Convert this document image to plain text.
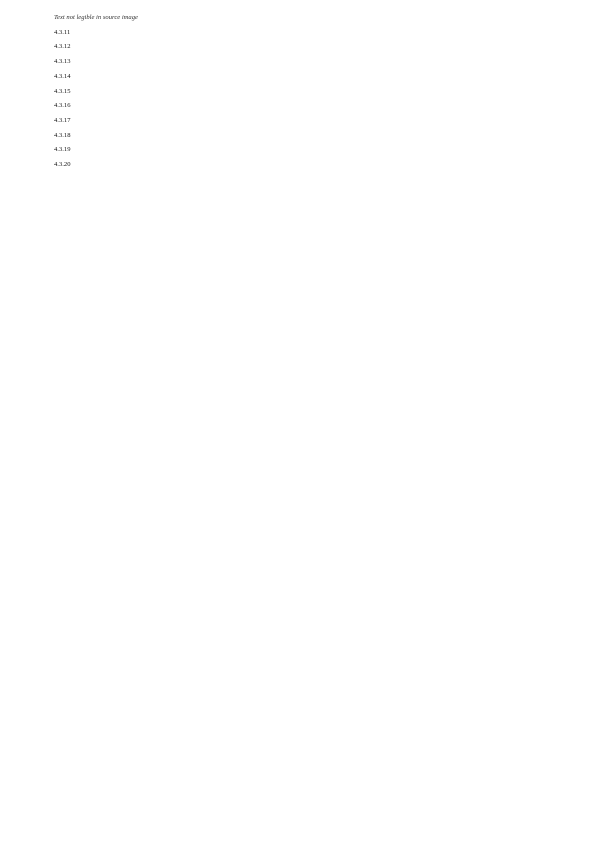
Text not legible in source image

4.3.11

4.3.12

4.3.13

4.3.14

4.3.15

4.3.16

4.3.17

4.3.18

4.3.19

4.3.20
